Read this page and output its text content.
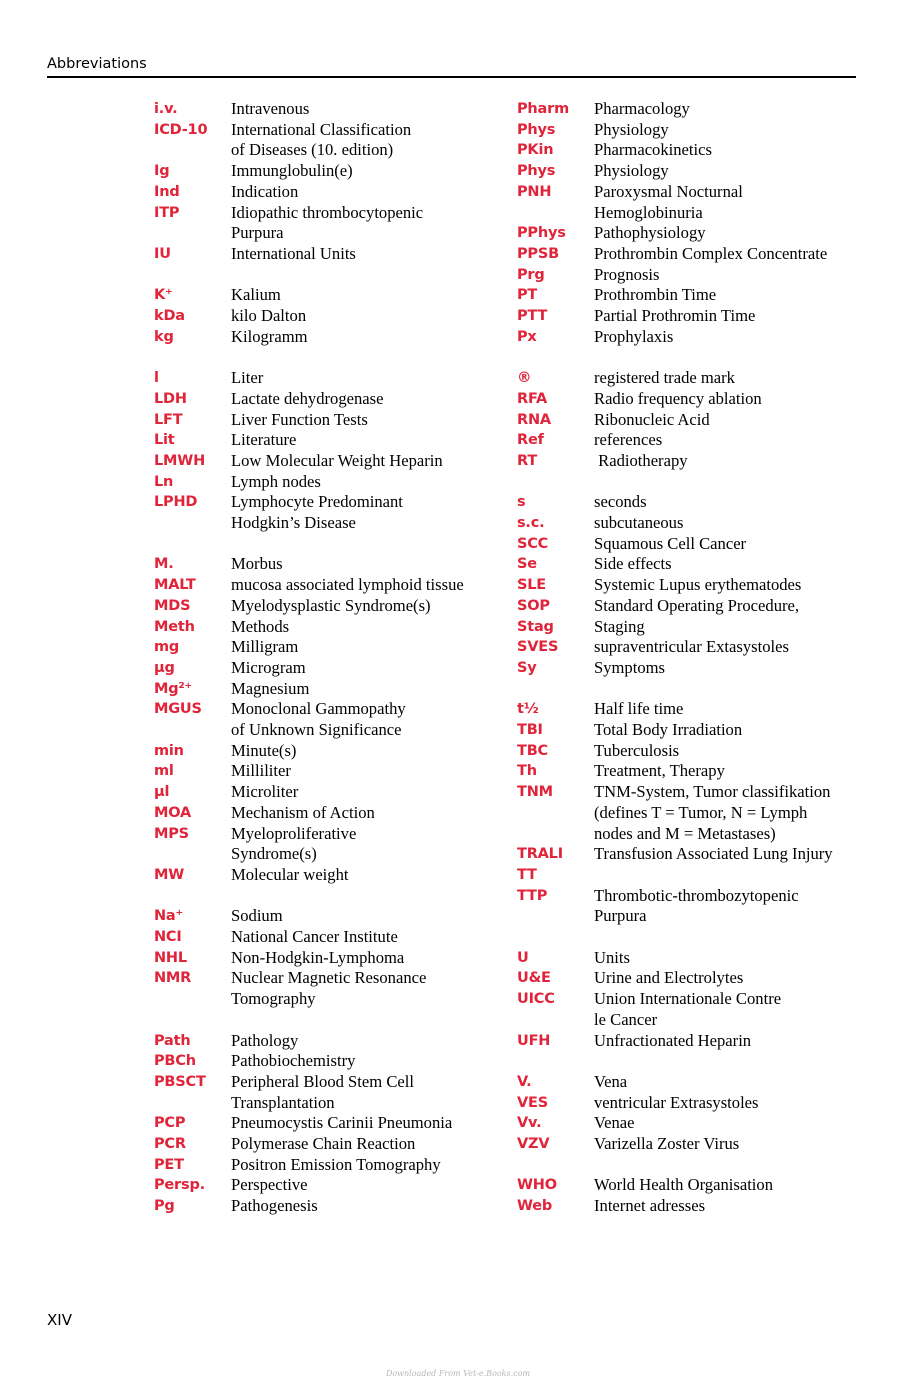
Abbreviations
i.v.	Intravenous
ICD-10	International Classification
of Diseases (10. edition)
Ig	Immunglobulin(e)
Ind	Indication
ITP	Idiopathic thrombocytopenic
Purpura
IU	International Units
K⁺	Kalium
kDa	kilo Dalton
kg	Kilogramm
l	Liter
LDH	Lactate dehydrogenase
LFT	Liver Function Tests
Lit	Literature
LMWH	Low Molecular Weight Heparin
Ln	Lymph nodes
LPHD	Lymphocyte Predominant
Hodgkin’s Disease
M.	Morbus
MALT	mucosa associated lymphoid tissue
MDS	Myelodysplastic Syndrome(s)
Meth	Methods
mg	Milligram
µg	Microgram
Mg²⁺	Magnesium
MGUS	Monoclonal Gammopathy
of Unknown Significance
min	Minute(s)
ml	Milliliter
µl	Microliter
MOA	Mechanism of Action
MPS	Myeloproliferative
Syndrome(s)
MW	Molecular weight
Na⁺	Sodium
NCI	National Cancer Institute
NHL	Non-Hodgkin-Lymphoma
NMR	Nuclear Magnetic Resonance
Tomography
Path	Pathology
PBCh	Pathobiochemistry
PBSCT	Peripheral Blood Stem Cell
Transplantation
PCP	Pneumocystis Carinii Pneumonia
PCR	Polymerase Chain Reaction
PET	Positron Emission Tomography
Persp.	Perspective
Pg	Pathogenesis
Pharm	Pharmacology
Phys	Physiology
PKin	Pharmacokinetics
Phys	Physiology
PNH	Paroxysmal Nocturnal
Hemoglobinuria
PPhys	Pathophysiology
PPSB	Prothrombin Complex Concentrate
Prg	Prognosis
PT	Prothrombin Time
PTT	Partial Prothromin Time
Px	Prophylaxis
®	registered trade mark
RFA	Radio frequency ablation
RNA	Ribonucleic Acid
Ref	references
RT	Radiotherapy
s	seconds
s.c.	subcutaneous
SCC	Squamous Cell Cancer
Se	Side effects
SLE	Systemic Lupus erythematodes
SOP	Standard Operating Procedure,
Stag	Staging
SVES	supraventricular Extasystoles
Sy	Symptoms
t½	Half life time
TBI	Total Body Irradiation
TBC	Tuberculosis
Th	Treatment, Therapy
TNM	TNM-System, Tumor classifikation
(defines T = Tumor, N = Lymph
nodes and M = Metastases)
TRALI	Transfusion Associated Lung Injury
TT
TTP	Thrombotic-thrombozytopenic
Purpura
U	Units
U&E	Urine and Electrolytes
UICC	Union Internationale Contre
le Cancer
UFH	Unfractionated Heparin
V.	Vena
VES	ventricular Extrasystoles
Vv.	Venae
VZV	Varizella Zoster Virus
WHO	World Health Organisation
Web	Internet adresses
XIV
Downloaded From Vet-e.Books.com
